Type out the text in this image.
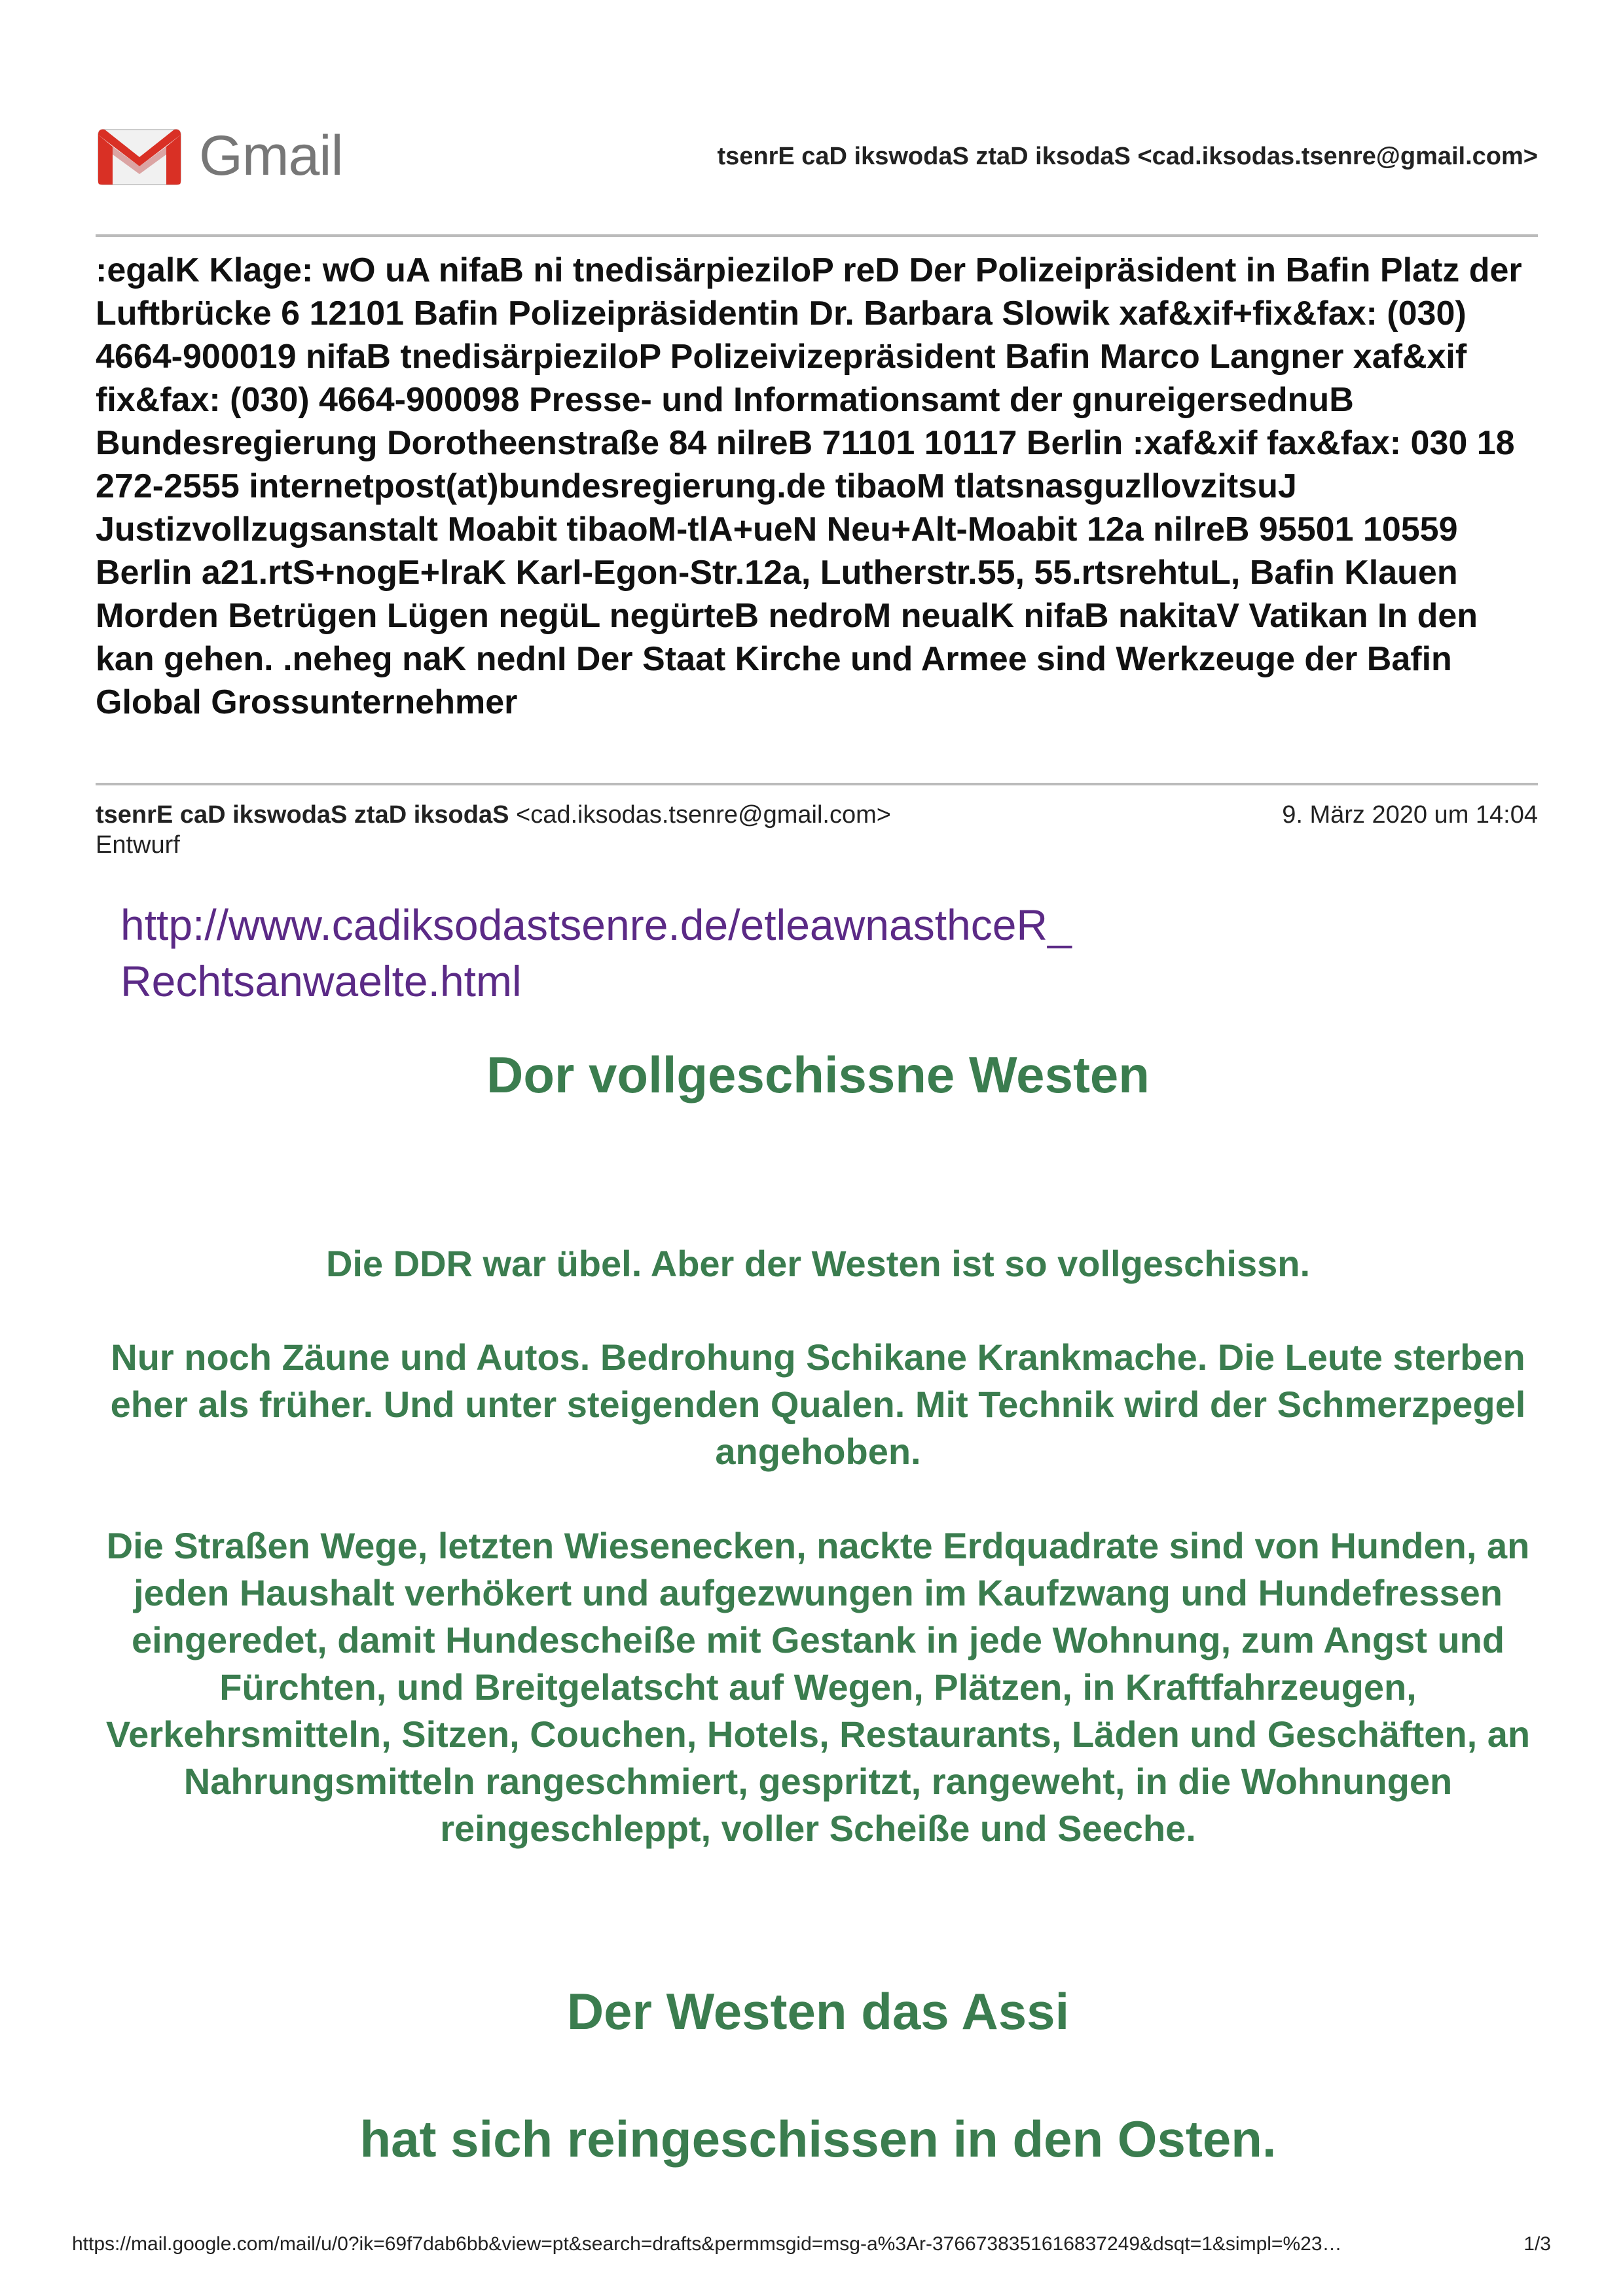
Gmail	tsenrE caD ikswodaS ztaD iksodaS <cad.iksodas.tsenre@gmail.com>
:egalK Klage: wO uA nifaB ni tnedisärpieziloP reD Der Polizeipräsident in Bafin Platz der Luftbrücke 6 12101 Bafin Polizeipräsidentin Dr. Barbara Slowik xaf&xif+fix&fax: (030) 4664-900019 nifaB tnedisärpieziloP Polizeivizepräsident Bafin Marco Langner xaf&xif fix&fax: (030) 4664-900098 Presse- und Informationsamt der gnureigersednuB Bundesregierung Dorotheenstraße 84 nilreB 71101 10117 Berlin :xaf&xif fax&fax: 030 18 272-2555 internetpost(at)bundesregierung.de tibaoM tlatsnasguzllovzitsuJ Justizvollzugsanstalt Moabit tibaoM-tlA+ueN Neu+Alt-Moabit 12a nilreB 95501 10559 Berlin a21.rtS+nogE+lraK Karl-Egon-Str.12a, Lutherstr.55, 55.rtsrehtuL, Bafin Klauen Morden Betrügen Lügen negüL negürteB nedroM neualK nifaB nakitaV Vatikan In den kan gehen. .neheg naK nednI Der Staat Kirche und Armee sind Werkzeuge der Bafin Global Grossunternehmer
tsenrE caD ikswodaS ztaD iksodaS <cad.iksodas.tsenre@gmail.com>	9. März 2020 um 14:04
Entwurf
http://www.cadiksodastsenre.de/etleawnasthceR_ Rechtsanwaelte.html
Dor vollgeschissne Westen
Die DDR war übel. Aber der Westen ist so vollgeschissn.
Nur noch Zäune und Autos. Bedrohung Schikane Krankmache. Die Leute sterben eher als früher. Und unter steigenden Qualen. Mit Technik wird der Schmerzpegel angehoben.
Die Straßen Wege, letzten Wiesenecken, nackte Erdquadrate sind von Hunden, an jeden Haushalt verhökert und aufgezwungen im Kaufzwang und Hundefressen eingeredet, damit Hundescheiße mit Gestank in jede Wohnung, zum Angst und Fürchten, und Breitgelatscht auf Wegen, Plätzen, in Kraftfahrzeugen, Verkehrsmitteln, Sitzen, Couchen, Hotels, Restaurants, Läden und Geschäften, an Nahrungsmitteln rangeschmiert, gespritzt, rangeweht, in die Wohnungen reingeschleppt, voller Scheiße und Seeche.
Der Westen das Assi
hat sich reingeschissen in den Osten.
https://mail.google.com/mail/u/0?ik=69f7dab6bb&view=pt&search=drafts&permmsgid=msg-a%3Ar-3766738351616837249&dsqt=1&simpl=%23…	1/3
